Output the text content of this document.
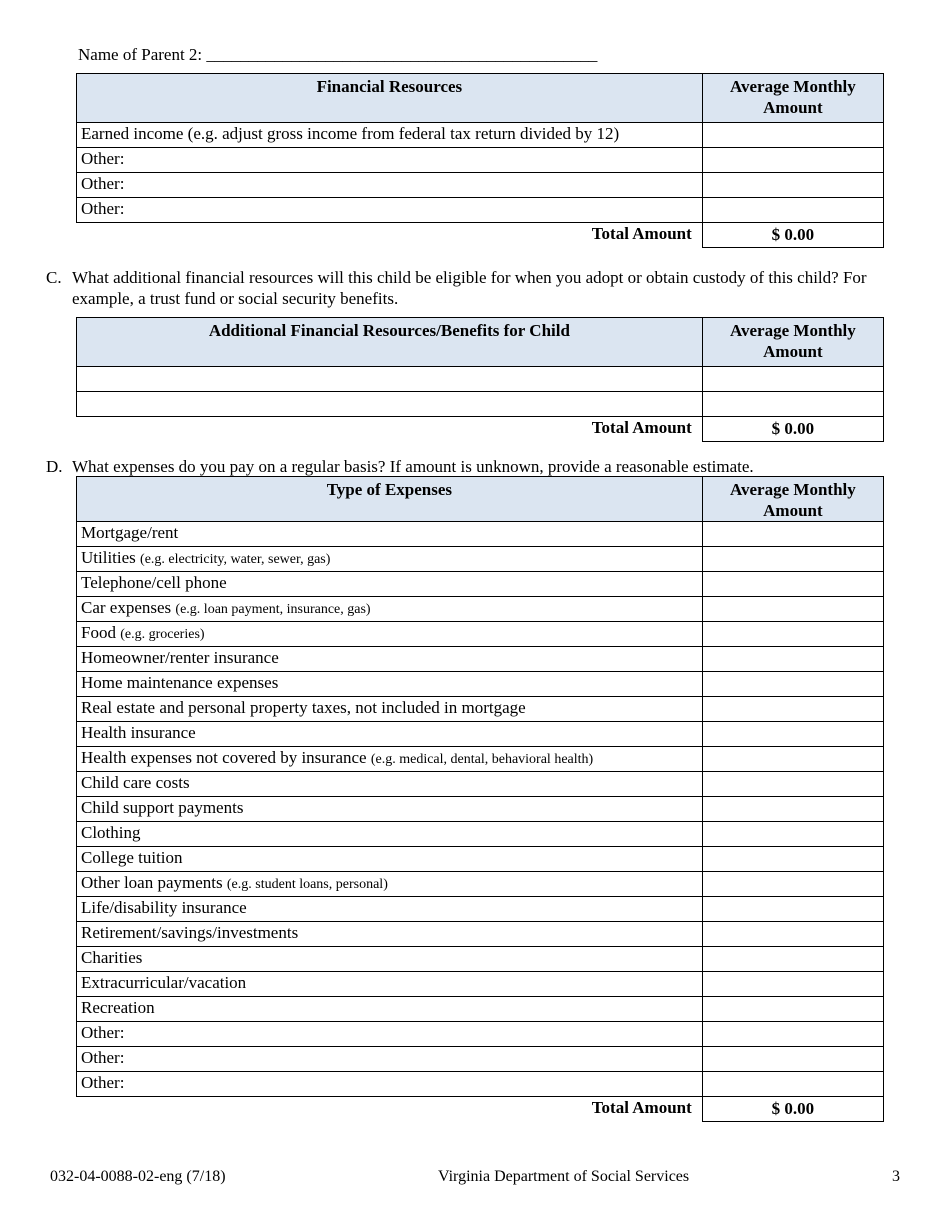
Name of Parent 2: ______________________________________________
Financial Resources	Average Monthly Amount
Earned income (e.g. adjust gross income from federal tax return divided by 12)	
Other:	
Other:	
Other:	
Total Amount	$ 0.00
C. What additional financial resources will this child be eligible for when you adopt or obtain custody of this child? For example, a trust fund or social security benefits.
Additional Financial Resources/Benefits for Child	Average Monthly Amount

Total Amount	$ 0.00
D. What expenses do you pay on a regular basis? If amount is unknown, provide a reasonable estimate.
Type of Expenses	Average Monthly Amount
Mortgage/rent	
Utilities (e.g. electricity, water, sewer, gas)	
Telephone/cell phone	
Car expenses (e.g. loan payment, insurance, gas)	
Food (e.g. groceries)	
Homeowner/renter insurance	
Home maintenance expenses	
Real estate and personal property taxes, not included in mortgage	
Health insurance	
Health expenses not covered by insurance (e.g. medical, dental, behavioral health)	
Child care costs	
Child support payments	
Clothing	
College tuition	
Other loan payments (e.g. student loans, personal)	
Life/disability insurance	
Retirement/savings/investments	
Charities	
Extracurricular/vacation	
Recreation	
Other:	
Other:	
Other:	
Total Amount	$ 0.00
032-04-0088-02-eng (7/18)	Virginia Department of Social Services	3
